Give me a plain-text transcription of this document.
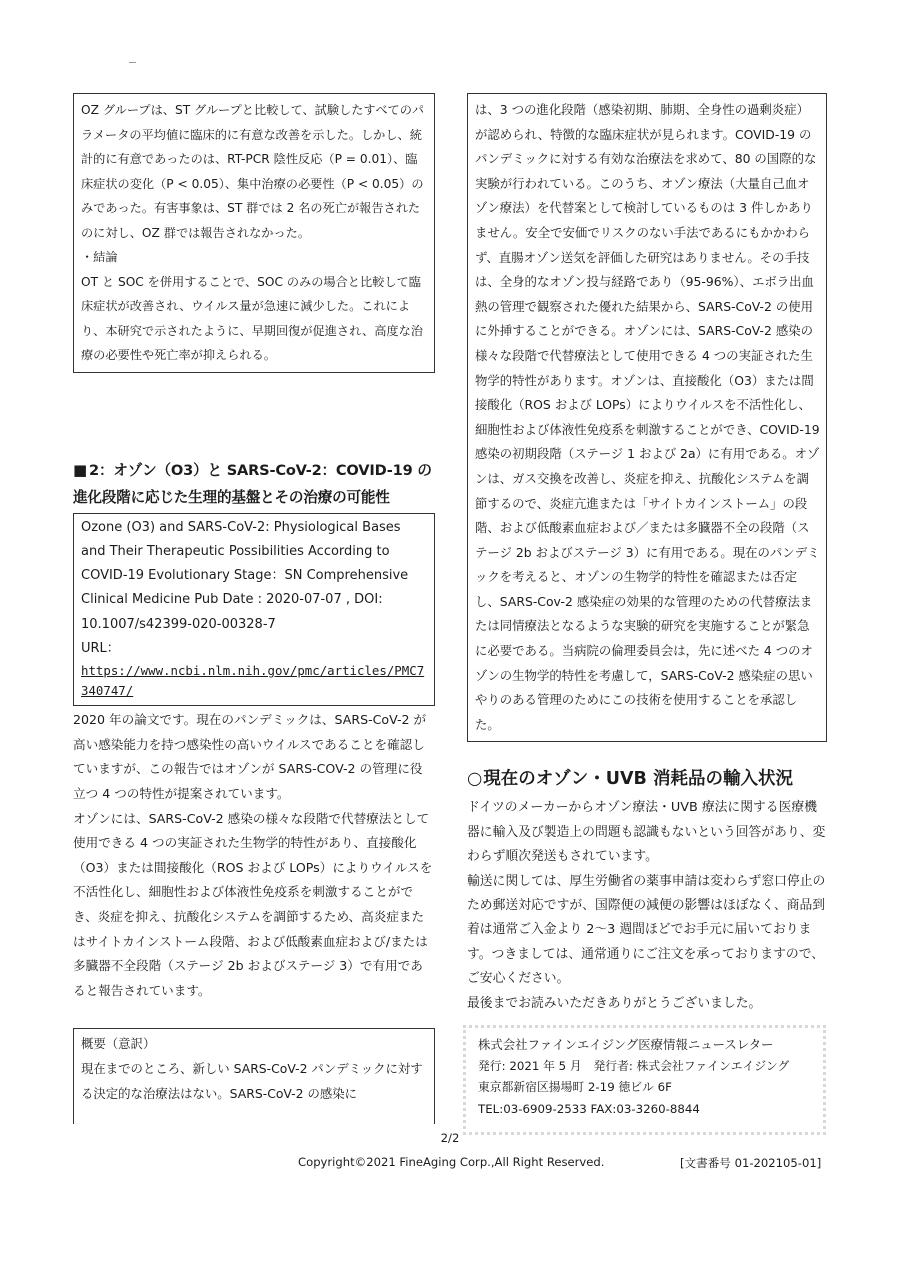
OZ グループは、ST グループと比較して、試験したすべてのパラメータの平均値に臨床的に有意な改善を示した。しかし、統計的に有意であったのは、RT-PCR 陰性反応（P = 0.01）、臨床症状の変化（P < 0.05）、集中治療の必要性（P < 0.05）のみであった。有害事象は、ST 群では 2 名の死亡が報告されたのに対し、OZ 群では報告されなかった。

・結論

OT と SOC を併用することで、SOC のみの場合と比較して臨床症状が改善され、ウイルス量が急速に減少した。これにより、本研究で示されたように、早期回復が促進され、高度な治療の必要性や死亡率が抑えられる。

■ 2：オゾン（O3）と SARS-CoV-2：COVID-19 の進化段階に応じた生理的基盤とその治療の可能性

Ozone (O3) and SARS-CoV-2: Physiological Bases and Their Therapeutic Possibilities According to COVID-19 Evolutionary Stage：SN Comprehensive Clinical Medicine Pub Date : 2020-07-07 , DOI: 10.1007/s42399-020-00328-7

URL：

https://www.ncbi.nlm.nih.gov/pmc/articles/PMC7340747/

2020 年の論文です。現在のパンデミックは、SARS-CoV-2 が高い感染能力を持つ感染性の高いウイルスであることを確認していますが、この報告ではオゾンが SARS-COV-2 の管理に役立つ 4 つの特性が提案されています。

オゾンには、SARS-CoV-2 感染の様々な段階で代替療法として使用できる 4 つの実証された生物学的特性があり、直接酸化（O3）または間接酸化（ROS および LOPs）によりウイルスを不活性化し、細胞性および体液性免疫系を刺激することができ、炎症を抑え、抗酸化システムを調節するため、高炎症またはサイトカインストーム段階、および低酸素血症および/または多臓器不全段階（ステージ 2b およびステージ 3）で有用であると報告されています。

概要（意訳）

現在までのところ、新しい SARS-CoV-2 パンデミックに対する決定的な治療法はない。SARS-CoV-2 の感染に

は、3 つの進化段階（感染初期、肺期、全身性の過剰炎症）が認められ、特徴的な臨床症状が見られます。COVID-19 のパンデミックに対する有効な治療法を求めて、80 の国際的な実験が行われている。このうち、オゾン療法（大量自己血オゾン療法）を代替案として検討しているものは 3 件しかありません。安全で安価でリスクのない手法であるにもかかわらず、直腸オゾン送気を評価した研究はありません。その手技は、全身的なオゾン投与経路であり（95-96%）、エボラ出血熱の管理で観察された優れた結果から、SARS-CoV-2 の使用に外挿することができる。オゾンには、SARS-CoV-2 感染の様々な段階で代替療法として使用できる 4 つの実証された生物学的特性があります。オゾンは、直接酸化（O3）または間接酸化（ROS および LOPs）によりウイルスを不活性化し、細胞性および体液性免疫系を刺激することができ、COVID-19 感染の初期段階（ステージ 1 および 2a）に有用である。オゾンは、ガス交換を改善し、炎症を抑え、抗酸化システムを調節するので、炎症亢進または「サイトカインストーム」の段階、および低酸素血症および／または多臓器不全の段階（ステージ 2b およびステージ 3）に有用である。現在のパンデミックを考えると、オゾンの生物学的特性を確認または否定し、SARS-Cov-2 感染症の効果的な管理のための代替療法または同情療法となるような実験的研究を実施することが緊急に必要である。当病院の倫理委員会は，先に述べた 4 つのオゾンの生物学的特性を考慮して，SARS-CoV-2 感染症の思いやりのある管理のためにこの技術を使用することを承認した。

○現在のオゾン・UVB 消耗品の輸入状況

ドイツのメーカーからオゾン療法・UVB 療法に関する医療機器に輸入及び製造上の問題も認識もないという回答があり、変わらず順次発送もされています。

輸送に関しては、厚生労働省の薬事申請は変わらず窓口停止のため郵送対応ですが、国際便の減便の影響はほぼなく、商品到着は通常ご入金より 2〜3 週間ほどでお手元に届いております。つきましては、通常通りにご注文を承っておりますので、ご安心ください。

最後までお読みいただきありがとうございました。

株式会社ファインエイジング医療情報ニュースレター

発行: 2021 年 5 月　発行者: 株式会社ファインエイジング

東京都新宿区揚場町 2-19 徳ビル 6F

TEL:03-6909-2533 FAX:03-3260-8844

2/2
Copyright©2021 FineAging Corp.,All Right Reserved.	[文書番号 01-202105-01]
